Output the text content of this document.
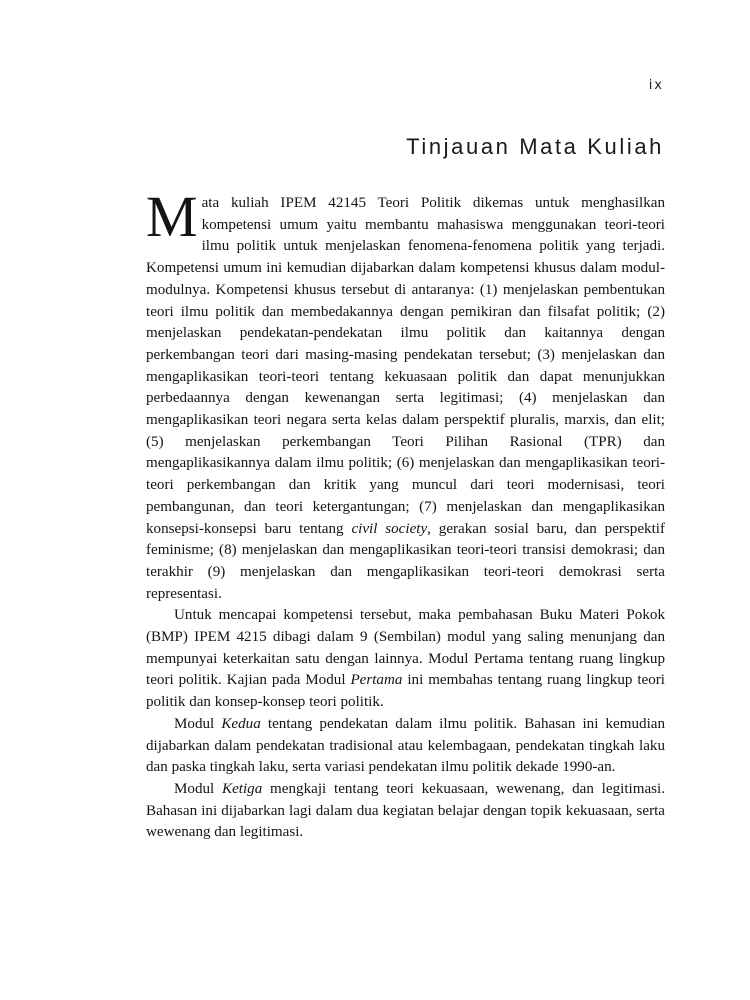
ix
Tinjauan Mata Kuliah

Mata kuliah IPEM 42145 Teori Politik dikemas untuk menghasilkan kompetensi umum yaitu membantu mahasiswa menggunakan teori-teori ilmu politik untuk menjelaskan fenomena-fenomena politik yang terjadi. Kompetensi umum ini kemudian dijabarkan dalam kompetensi khusus dalam modul-modulnya. Kompetensi khusus tersebut di antaranya: (1) menjelaskan pembentukan teori ilmu politik dan membedakannya dengan pemikiran dan filsafat politik; (2) menjelaskan pendekatan-pendekatan ilmu politik dan kaitannya dengan perkembangan teori dari masing-masing pendekatan tersebut; (3) menjelaskan dan mengaplikasikan teori-teori tentang kekuasaan politik dan dapat menunjukkan perbedaannya dengan kewenangan serta legitimasi; (4) menjelaskan dan mengaplikasikan teori negara serta kelas dalam perspektif pluralis, marxis, dan elit; (5) menjelaskan perkembangan Teori Pilihan Rasional (TPR) dan mengaplikasikannya dalam ilmu politik; (6) menjelaskan dan mengaplikasikan teori-teori perkembangan dan kritik yang muncul dari teori modernisasi, teori pembangunan, dan teori ketergantungan; (7) menjelaskan dan mengaplikasikan konsepsi-konsepsi baru tentang civil society, gerakan sosial baru, dan perspektif feminisme; (8) menjelaskan dan mengaplikasikan teori-teori transisi demokrasi; dan terakhir (9) menjelaskan dan mengaplikasikan teori-teori demokrasi serta representasi.

Untuk mencapai kompetensi tersebut, maka pembahasan Buku Materi Pokok (BMP) IPEM 4215 dibagi dalam 9 (Sembilan) modul yang saling menunjang dan mempunyai keterkaitan satu dengan lainnya. Modul Pertama tentang ruang lingkup teori politik. Kajian pada Modul Pertama ini membahas tentang ruang lingkup teori politik dan konsep-konsep teori politik.

Modul Kedua tentang pendekatan dalam ilmu politik. Bahasan ini kemudian dijabarkan dalam pendekatan tradisional atau kelembagaan, pendekatan tingkah laku dan paska tingkah laku, serta variasi pendekatan ilmu politik dekade 1990-an.

Modul Ketiga mengkaji tentang teori kekuasaan, wewenang, dan legitimasi. Bahasan ini dijabarkan lagi dalam dua kegiatan belajar dengan topik kekuasaan, serta wewenang dan legitimasi.
